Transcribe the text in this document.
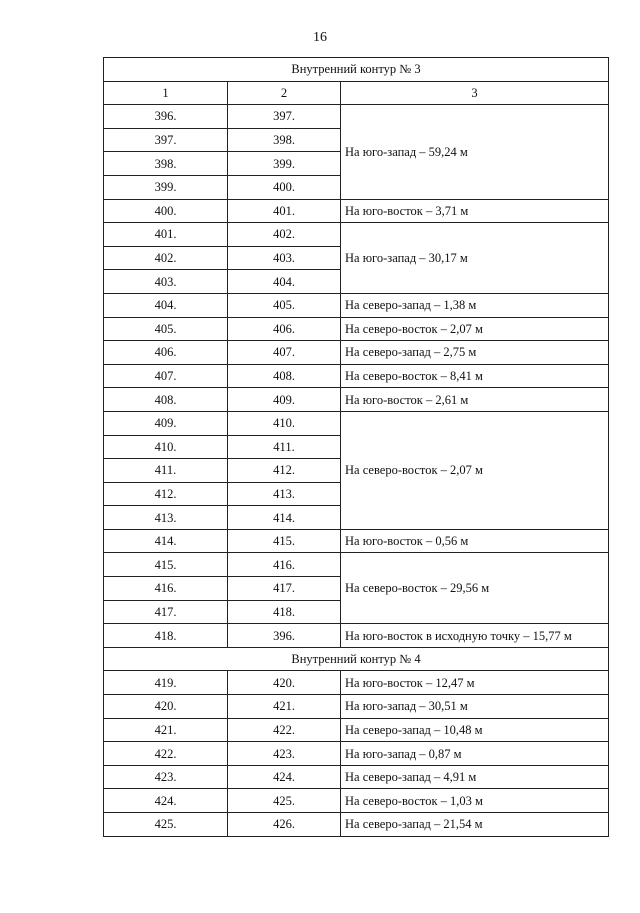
16
Внутренний контур № 3		
1	2	3
396.	397.	На юго-запад – 59,24 м
397.	398.	
398.	399.	
399.	400.	
400.	401.	На юго-восток – 3,71 м
401.	402.	На юго-запад – 30,17 м
402.	403.	
403.	404.	
404.	405.	На северо-запад – 1,38 м
405.	406.	На северо-восток – 2,07 м
406.	407.	На северо-запад – 2,75 м
407.	408.	На северо-восток – 8,41 м
408.	409.	На юго-восток – 2,61 м
409.	410.	На северо-восток – 2,07 м
410.	411.	
411.	412.	
412.	413.	
413.	414.	
414.	415.	На юго-восток – 0,56 м
415.	416.	На северо-восток – 29,56 м
416.	417.	
417.	418.	
418.	396.	На юго-восток в исходную точку – 15,77 м
Внутренний контур № 4		
419.	420.	На юго-восток – 12,47 м
420.	421.	На юго-запад – 30,51 м
421.	422.	На северо-запад – 10,48 м
422.	423.	На юго-запад – 0,87 м
423.	424.	На северо-запад – 4,91 м
424.	425.	На северо-восток – 1,03 м
425.	426.	На северо-запад – 21,54 м
